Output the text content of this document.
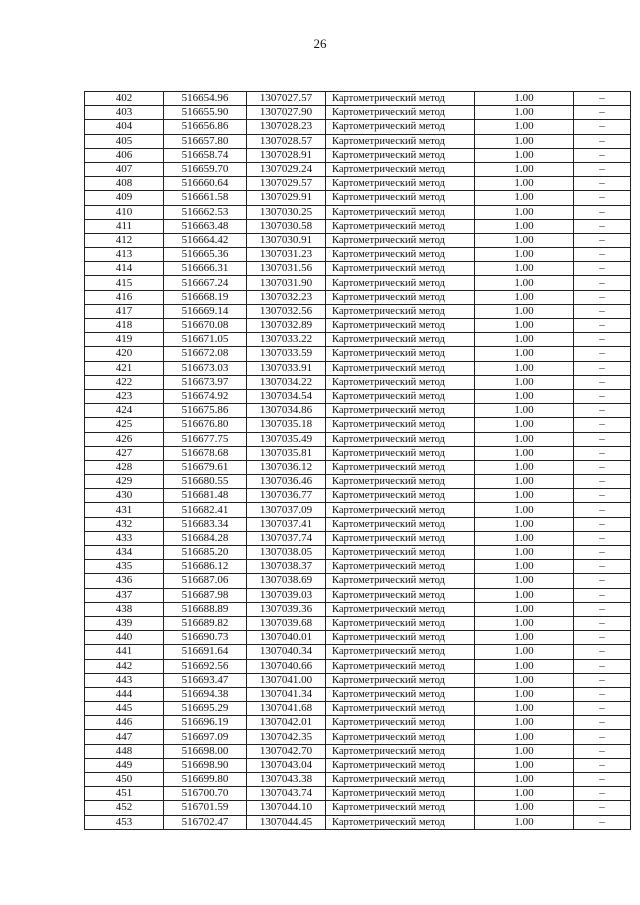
26
402	516654.96	1307027.57	Картометрический метод	1.00	–
403	516655.90	1307027.90	Картометрический метод	1.00	–
404	516656.86	1307028.23	Картометрический метод	1.00	–
405	516657.80	1307028.57	Картометрический метод	1.00	–
406	516658.74	1307028.91	Картометрический метод	1.00	–
407	516659.70	1307029.24	Картометрический метод	1.00	–
408	516660.64	1307029.57	Картометрический метод	1.00	–
409	516661.58	1307029.91	Картометрический метод	1.00	–
410	516662.53	1307030.25	Картометрический метод	1.00	–
411	516663.48	1307030.58	Картометрический метод	1.00	–
412	516664.42	1307030.91	Картометрический метод	1.00	–
413	516665.36	1307031.23	Картометрический метод	1.00	–
414	516666.31	1307031.56	Картометрический метод	1.00	–
415	516667.24	1307031.90	Картометрический метод	1.00	–
416	516668.19	1307032.23	Картометрический метод	1.00	–
417	516669.14	1307032.56	Картометрический метод	1.00	–
418	516670.08	1307032.89	Картометрический метод	1.00	–
419	516671.05	1307033.22	Картометрический метод	1.00	–
420	516672.08	1307033.59	Картометрический метод	1.00	–
421	516673.03	1307033.91	Картометрический метод	1.00	–
422	516673.97	1307034.22	Картометрический метод	1.00	–
423	516674.92	1307034.54	Картометрический метод	1.00	–
424	516675.86	1307034.86	Картометрический метод	1.00	–
425	516676.80	1307035.18	Картометрический метод	1.00	–
426	516677.75	1307035.49	Картометрический метод	1.00	–
427	516678.68	1307035.81	Картометрический метод	1.00	–
428	516679.61	1307036.12	Картометрический метод	1.00	–
429	516680.55	1307036.46	Картометрический метод	1.00	–
430	516681.48	1307036.77	Картометрический метод	1.00	–
431	516682.41	1307037.09	Картометрический метод	1.00	–
432	516683.34	1307037.41	Картометрический метод	1.00	–
433	516684.28	1307037.74	Картометрический метод	1.00	–
434	516685.20	1307038.05	Картометрический метод	1.00	–
435	516686.12	1307038.37	Картометрический метод	1.00	–
436	516687.06	1307038.69	Картометрический метод	1.00	–
437	516687.98	1307039.03	Картометрический метод	1.00	–
438	516688.89	1307039.36	Картометрический метод	1.00	–
439	516689.82	1307039.68	Картометрический метод	1.00	–
440	516690.73	1307040.01	Картометрический метод	1.00	–
441	516691.64	1307040.34	Картометрический метод	1.00	–
442	516692.56	1307040.66	Картометрический метод	1.00	–
443	516693.47	1307041.00	Картометрический метод	1.00	–
444	516694.38	1307041.34	Картометрический метод	1.00	–
445	516695.29	1307041.68	Картометрический метод	1.00	–
446	516696.19	1307042.01	Картометрический метод	1.00	–
447	516697.09	1307042.35	Картометрический метод	1.00	–
448	516698.00	1307042.70	Картометрический метод	1.00	–
449	516698.90	1307043.04	Картометрический метод	1.00	–
450	516699.80	1307043.38	Картометрический метод	1.00	–
451	516700.70	1307043.74	Картометрический метод	1.00	–
452	516701.59	1307044.10	Картометрический метод	1.00	–
453	516702.47	1307044.45	Картометрический метод	1.00	–
